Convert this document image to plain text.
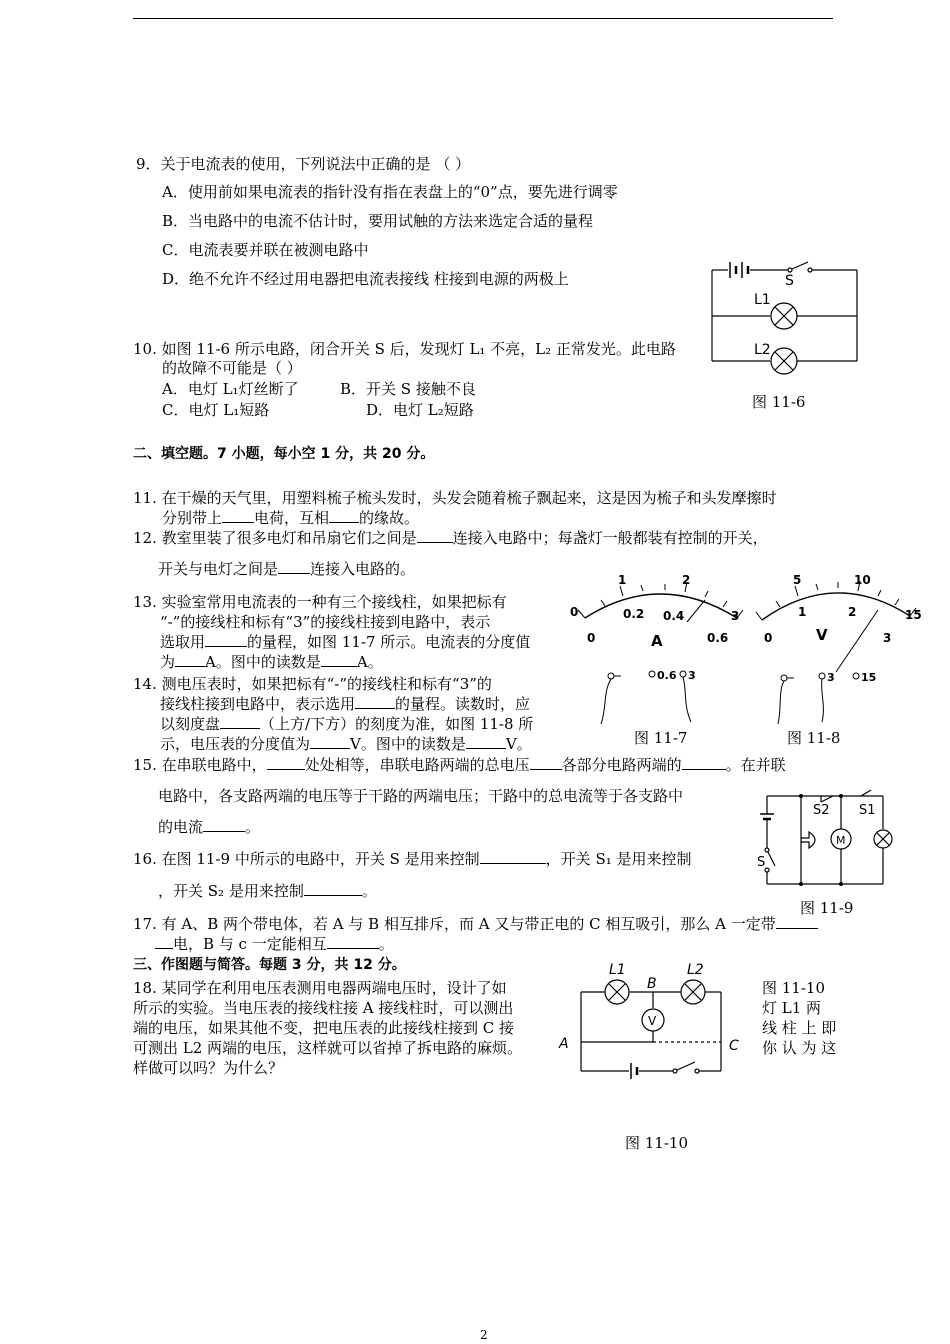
9．关于电流表的使用，下列说法中正确的是 （ ）
A．使用前如果电流表的指针没有指在表盘上的“0”点，要先进行调零
B．当电路中的电流不估计时，要用试触的方法来选定合适的量程
C．电流表要并联在被测电路中
D．绝不允许不经过用电器把电流表接线 柱接到电源的两极上
10. 如图 11-6 所示电路，闭合开关 S 后，发现灯 L₁ 不亮，L₂ 正常发光。此电路
的故障不可能是（ ）
A．电灯 L₁灯丝断了	B．开关 S 接触不良
C．电灯 L₁短路	D．电灯 L₂短路
S
L1
L2
图 11-6
二、填空题。7 小题，每小空 1 分，共 20 分。
11. 在干燥的天气里，用塑料梳子梳头发时，头发会随着梳子飘起来，这是因为梳子和头发摩擦时
分别带上 电荷，互相 的缘故。
12. 教室里装了很多电灯和吊扇它们之间是 连接入电路中；每盏灯一般都装有控制的开关，
开关与电灯之间是 连接入电路的。
13. 实验室常用电流表的一种有三个接线柱，如果把标有
“-”的接线柱和标有“3”的接线柱接到电路中，表示
选取用	的量程，如图 11-7 所示。电流表的分度值
为 A。图中的读数是 A。
14. 测电压表时，如果把标有“-”的接线柱和标有“3”的
接线柱接到电路中，表示选用	的量程。读数时，应
以刻度盘	（上方/下方）的刻度为准，如图 11-8 所
示，电压表的分度值为	V。图中的读数是	V。
0
1	2
3
0
0.2 0.4
0.6
A
0.6 3
图 11-7
0
5	10
15
1	2
3
V
3 15
图 11-8
15. 在串联电路中，	处处相等，串联电路两端的总电压 各部分电路两端的	。在并联
电路中，各支路两端的电压等于干路的两端电压；干路中的总电流等于各支路中
的电流	。
S
S2 S1
M
图 11-9
16. 在图 11-9 中所示的电路中，开关 S 是用来控制	，开关 S₁ 是用来控制
，开关 S₂ 是用来控制	。
17. 有 A、B 两个带电体，若 A 与 B 相互排斥，而 A 又与带正电的 C 相互吸引，那么 A 一定带
电，B 与 c 一定能相互	。
三、作图题与简答。每题 3 分，共 12 分。
18. 某同学在利用电压表测用电器两端电压时，设计了如
所示的实验。当电压表的接线柱接 A 接线柱时，可以测出
端的电压，如果其他不变，把电压表的此接线柱接到 C 接
可测出 L2 两端的电压，这样就可以省掉了拆电路的麻烦。
样做可以吗？为什么？
图 11-10
灯 L1 两
线 柱 上 即
你 认 为 这
L1	L2
B
A	C
V
图 11-10
2
